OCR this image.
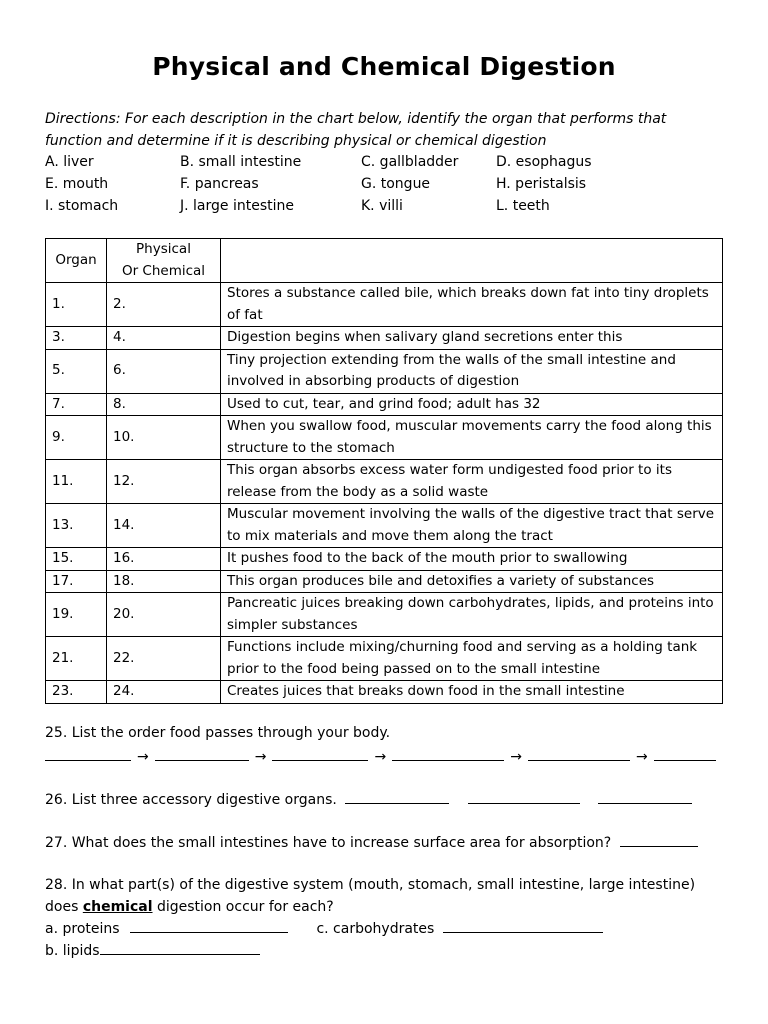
Physical and Chemical Digestion
Directions: For each description in the chart below, identify the organ that performs that function and determine if it is describing physical or chemical digestion
A. liver	B. small intestine	C. gallbladder	D. esophagus
E. mouth	F. pancreas	G. tongue	H. peristalsis
I. stomach	J. large intestine	K. villi	L. teeth
Organ	Physical
Or Chemical	

1.	2.	Stores a substance called bile, which breaks down fat into tiny droplets of fat
3.	4.	Digestion begins when salivary gland secretions enter this
5.	6.	Tiny projection extending from the walls of the small intestine and involved in absorbing products of digestion
7.	8.	Used to cut, tear, and grind food; adult has 32
9.	10.	When you swallow food, muscular movements carry the food along this structure to the stomach
11.	12.	This organ absorbs excess water form undigested food prior to its release from the body as a solid waste
13.	14.	Muscular movement involving the walls of the digestive tract that serve to mix materials and move them along the tract
15.	16.	It pushes food to the back of the mouth prior to swallowing
17.	18.	This organ produces bile and detoxifies a variety of substances
19.	20.	Pancreatic juices breaking down carbohydrates, lipids, and proteins into simpler substances
21.	22.	Functions include mixing/churning food and serving as a holding tank prior to the food being passed on to the small intestine
23.	24.	Creates juices that breaks down food in the small intestine
25. List the order food passes through your body.
→	→	→	→	→
26. List three accessory digestive organs.
27. What does the small intestines have to increase surface area for absorption?
28. In what part(s) of the digestive system (mouth, stomach, small intestine, large intestine)
does chemical digestion occur for each?
a. proteins	c. carbohydrates
b. lipids
